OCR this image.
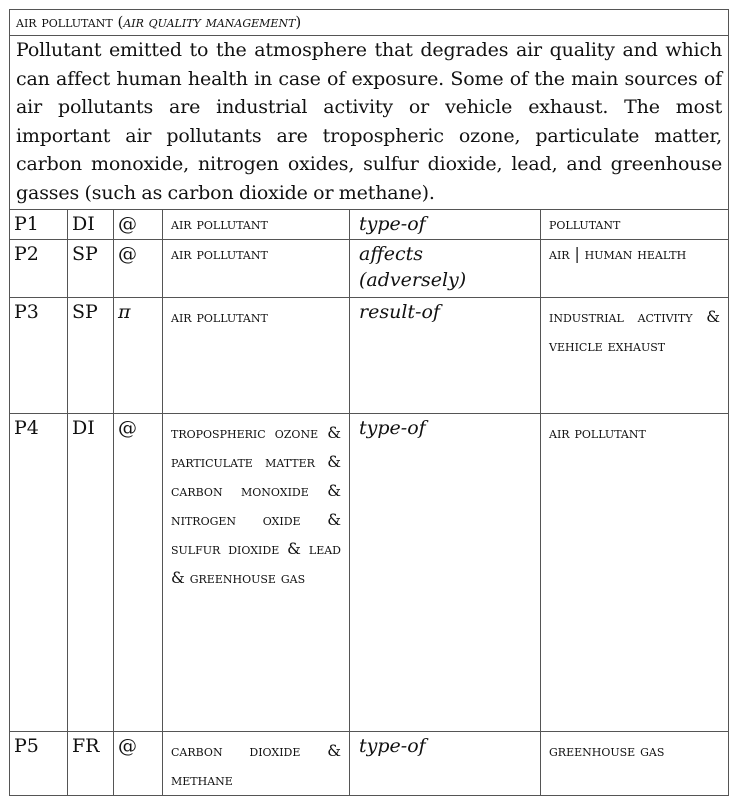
air pollutant (air quality management)					
Pollutant emitted to the atmosphere that degrades air quality and which can affect human health in case of exposure. Some of the main sources of air pollutants are industrial activity or vehicle exhaust. The most important air pollutants are tropospheric ozone, particulate matter, carbon monoxide, nitrogen oxides, sulfur dioxide, lead, and greenhouse gasses (such as carbon dioxide or methane).					
P1	DI	@	air pollutant	type-of	pollutant
P2	SP	@	air pollutant	affects (adversely)	air | human health
P3	SP	π	air pollutant	result-of	industrial activity & vehicle exhaust
P4	DI	@	tropospheric ozone & particulate matter & carbon monoxide & nitrogen oxide & sulfur dioxide & lead & greenhouse gas	type-of	air pollutant
P5	FR	@	carbon dioxide & methane	type-of	greenhouse gas
